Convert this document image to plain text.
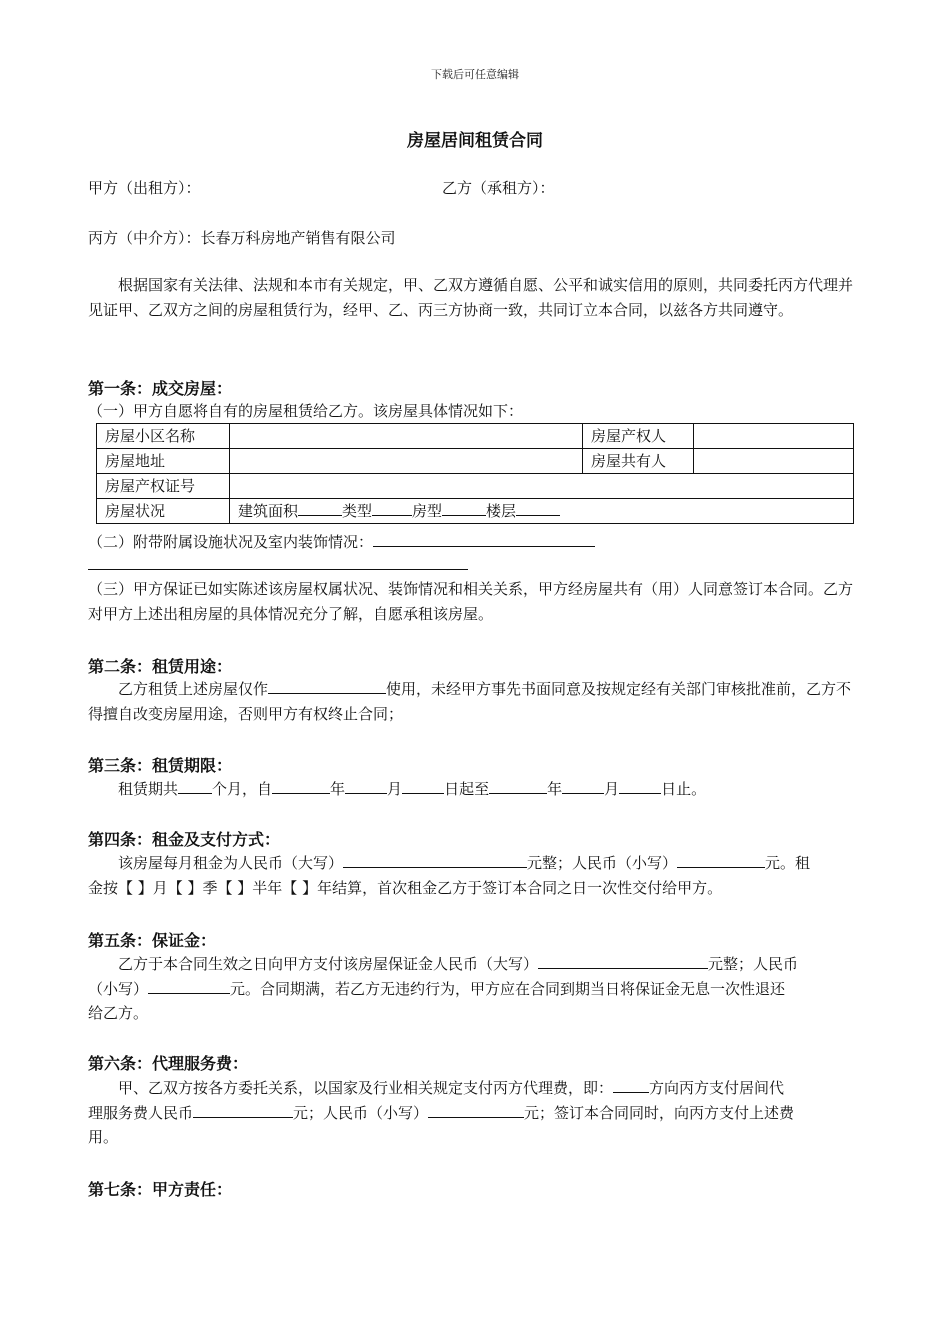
下载后可任意编辑
房屋居间租赁合同
甲方（出租方）：	乙方（承租方）：
丙方（中介方）：长春万科房地产销售有限公司
根据国家有关法律、法规和本市有关规定，甲、乙双方遵循自愿、公平和诚实信用的原则，共同委托丙方代理并见证甲、乙双方之间的房屋租赁行为，经甲、乙、丙三方协商一致，共同订立本合同，以兹各方共同遵守。
第一条：成交房屋：
（一）甲方自愿将自有的房屋租赁给乙方。该房屋具体情况如下：
房屋小区名称		房屋产权人	
房屋地址		房屋共有人	
房屋产权证号			
房屋状况	建筑面积 类型 房型 楼层		
（二）附带附属设施状况及室内装饰情况：
（三）甲方保证已如实陈述该房屋权属状况、装饰情况和相关关系，甲方经房屋共有（用）人同意签订本合同。乙方对甲方上述出租房屋的具体情况充分了解，自愿承租该房屋。
第二条：租赁用途：
乙方租赁上述房屋仅作	使用，未经甲方事先书面同意及按规定经有关部门审核批准前，乙方不得擅自改变房屋用途，否则甲方有权终止合同；
第三条：租赁期限：
租赁期共 个月，自	年	月	日起至	年	月	日止。
第四条：租金及支付方式：
该房屋每月租金为人民币（大写）	元整；人民币（小写）	元。租
金按【 】月【 】季【 】半年【 】年结算，首次租金乙方于签订本合同之日一次性交付给甲方。
第五条：保证金：
乙方于本合同生效之日向甲方支付该房屋保证金人民币（大写）	元整；人民币
（小写）	元。合同期满，若乙方无违约行为，甲方应在合同到期当日将保证金无息一次性退还
给乙方。
第六条：代理服务费：
甲、乙双方按各方委托关系，以国家及行业相关规定支付丙方代理费，即： 方向丙方支付居间代
理服务费人民币	元；人民币（小写）	元；签订本合同同时，向丙方支付上述费
用。
第七条：甲方责任：
